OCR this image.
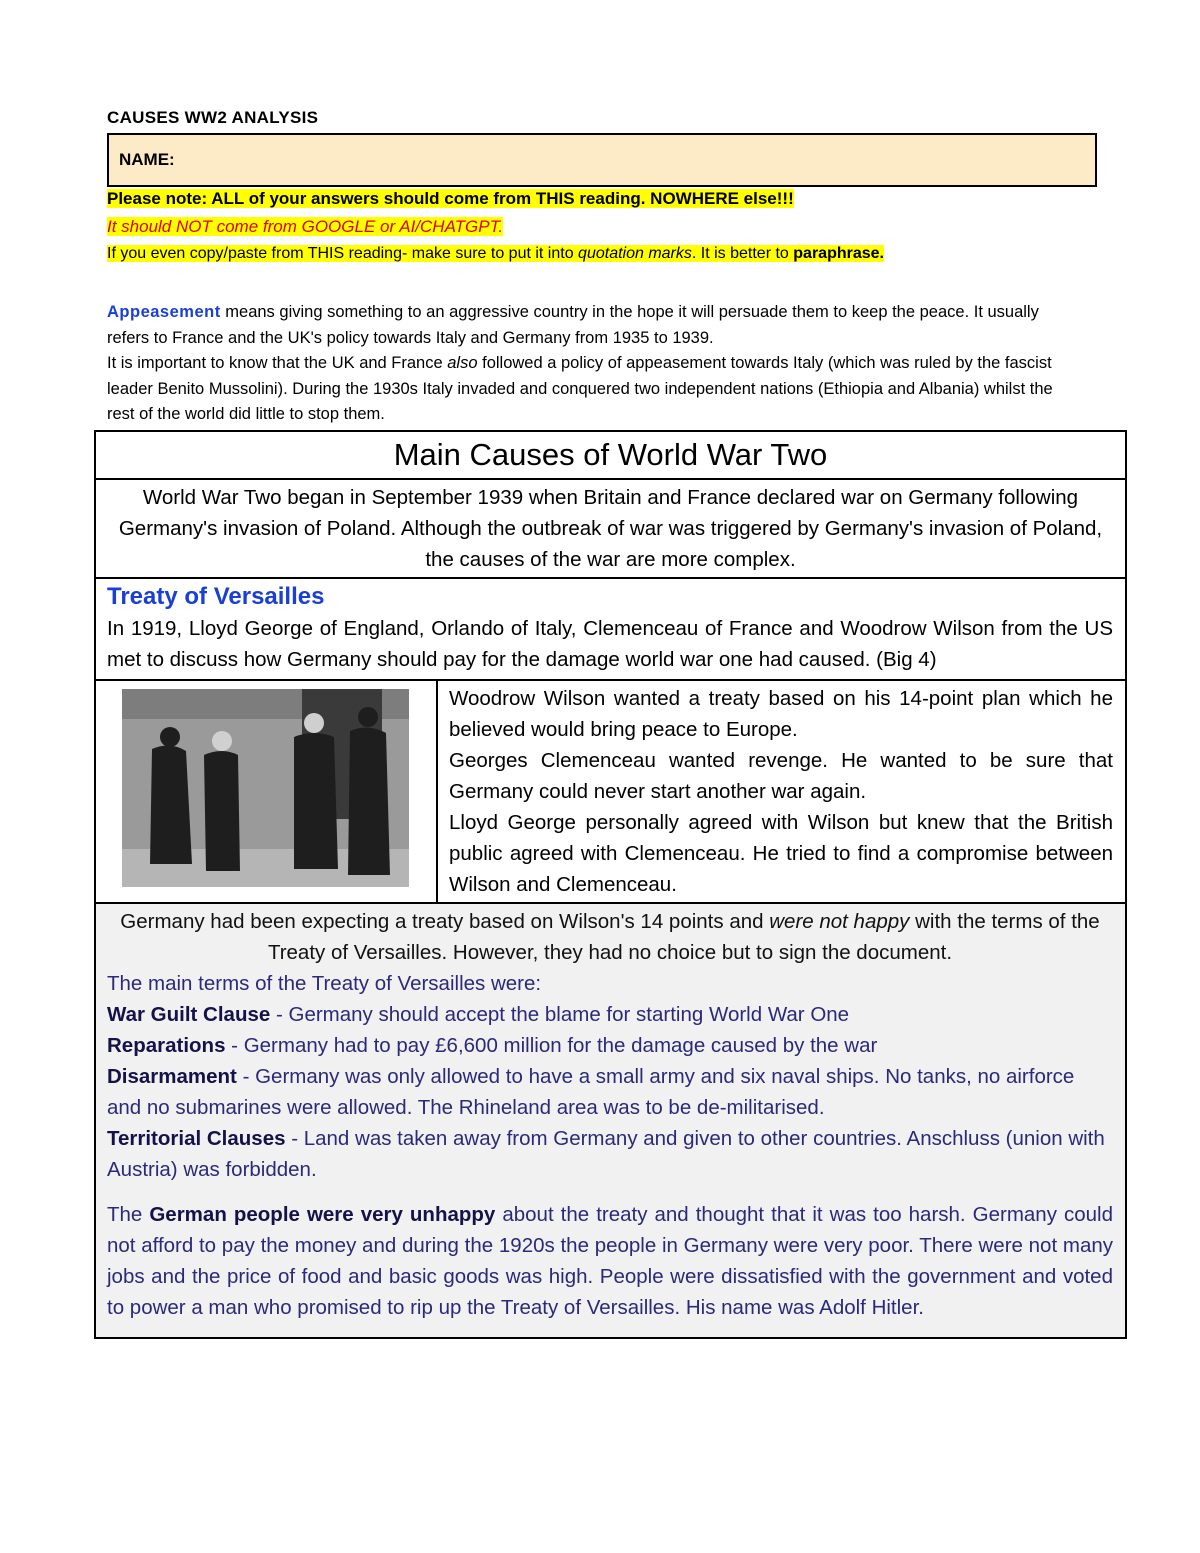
CAUSES WW2 ANALYSIS
NAME:
Please note: ALL of your answers should come from THIS reading. NOWHERE else!!!
It should NOT come from GOOGLE or AI/CHATGPT.
If you even copy/paste from THIS reading- make sure to put it into quotation marks. It is better to paraphrase.
Appeasement means giving something to an aggressive country in the hope it will persuade them to keep the peace. It usually refers to France and the UK's policy towards Italy and Germany from 1935 to 1939.
It is important to know that the UK and France also followed a policy of appeasement towards Italy (which was ruled by the fascist leader Benito Mussolini). During the 1930s Italy invaded and conquered two independent nations (Ethiopia and Albania) whilst the rest of the world did little to stop them.
Main Causes of World War Two
World War Two began in September 1939 when Britain and France declared war on Germany following Germany's invasion of Poland. Although the outbreak of war was triggered by Germany's invasion of Poland, the causes of the war are more complex.

Treaty of Versailles
In 1919, Lloyd George of England, Orlando of Italy, Clemenceau of France and Woodrow Wilson from the US met to discuss how Germany should pay for the damage world war one had caused. (Big 4)

Woodrow Wilson wanted a treaty based on his 14-point plan which he believed would bring peace to Europe.
Georges Clemenceau wanted revenge. He wanted to be sure that Germany could never start another war again.
Lloyd George personally agreed with Wilson but knew that the British public agreed with Clemenceau. He tried to find a compromise between Wilson and Clemenceau.

Germany had been expecting a treaty based on Wilson's 14 points and were not happy with the terms of the Treaty of Versailles. However, they had no choice but to sign the document.
The main terms of the Treaty of Versailles were:
War Guilt Clause - Germany should accept the blame for starting World War One
Reparations - Germany had to pay £6,600 million for the damage caused by the war
Disarmament - Germany was only allowed to have a small army and six naval ships. No tanks, no airforce and no submarines were allowed. The Rhineland area was to be de-militarised.
Territorial Clauses - Land was taken away from Germany and given to other countries. Anschluss (union with Austria) was forbidden.
The German people were very unhappy about the treaty and thought that it was too harsh. Germany could not afford to pay the money and during the 1920s the people in Germany were very poor. There were not many jobs and the price of food and basic goods was high. People were dissatisfied with the government and voted to power a man who promised to rip up the Treaty of Versailles. His name was Adolf Hitler.
